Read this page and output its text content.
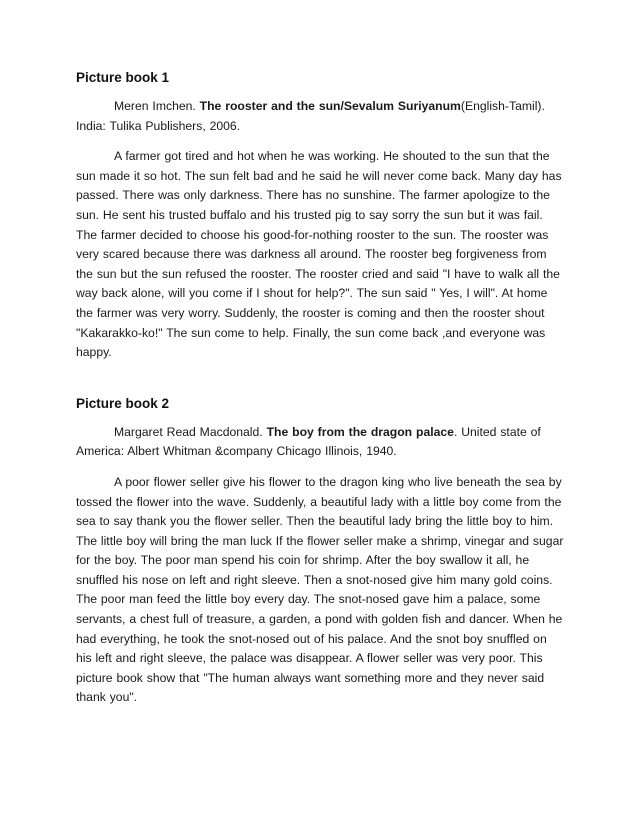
Picture book 1

Meren Imchen. The rooster and the sun/Sevalum Suriyanum(English-Tamil). India: Tulika Publishers, 2006.

A farmer got tired and hot when he was working. He shouted to the sun that the sun made it so hot. The sun felt bad and he said he will never come back. Many day has passed. There was only darkness. There has no sunshine. The farmer apologize to the sun. He sent his trusted buffalo and his trusted pig to say sorry the sun but it was fail. The farmer decided to choose his good-for-nothing rooster to the sun. The rooster was very scared because there was darkness all around. The rooster beg forgiveness from the sun but the sun refused the rooster. The rooster cried and said "I have to walk all the way back alone, will you come if I shout for help?". The sun said " Yes, I will". At home the farmer was very worry. Suddenly, the rooster is coming and then the rooster shout "Kakarakko-ko!" The sun come to help. Finally, the sun come back ,and everyone was happy.

Picture book 2

Margaret Read Macdonald. The boy from the dragon palace. United state of America: Albert Whitman &company Chicago Illinois, 1940.

A poor flower seller give his flower to the dragon king who live beneath the sea by tossed the flower into the wave. Suddenly, a beautiful lady with a little boy come from the sea to say thank you the flower seller. Then the beautiful lady bring the little boy to him. The little boy will bring the man luck If the flower seller make a shrimp, vinegar and sugar for the boy. The poor man spend his coin for shrimp. After the boy swallow it all, he snuffled his nose on left and right sleeve. Then a snot-nosed give him many gold coins. The poor man feed the little boy every day. The snot-nosed gave him a palace, some servants, a chest full of treasure, a garden, a pond with golden fish and dancer. When he had everything, he took the snot-nosed out of his palace. And the snot boy snuffled on his left and right sleeve, the palace was disappear. A flower seller was very poor. This picture book show that "The human always want something more and they never said thank you".
